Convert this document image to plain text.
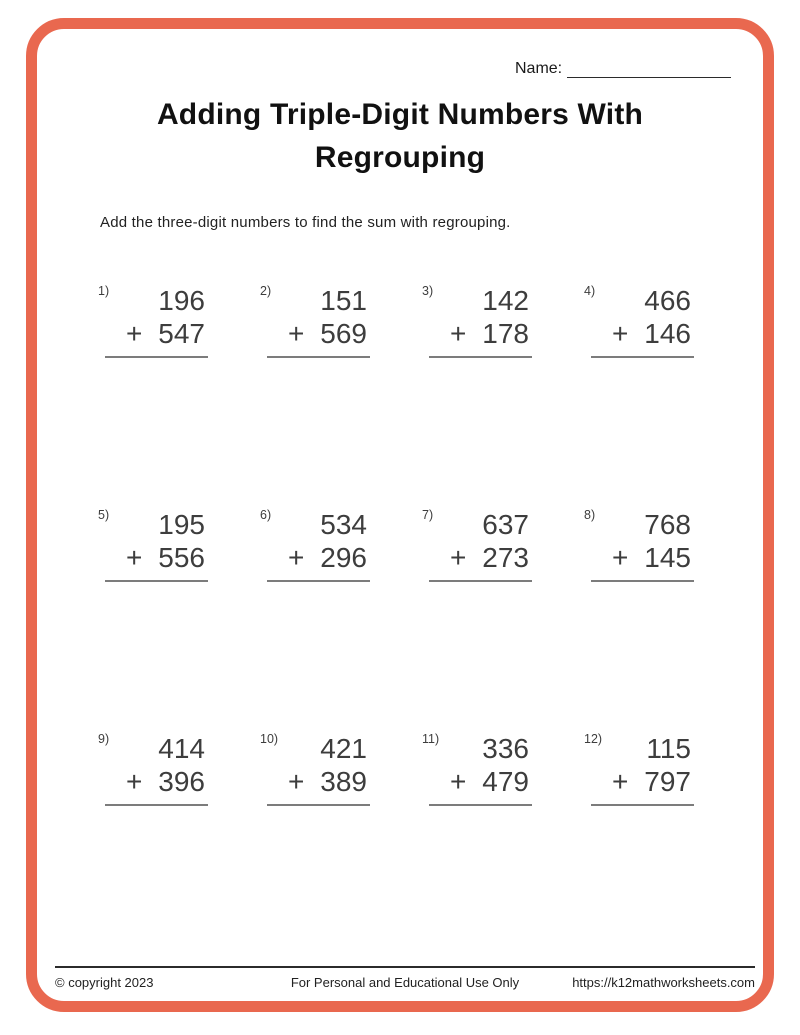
Name:
Adding Triple-Digit Numbers With Regrouping
Add the three-digit numbers to find the sum with regrouping.
1)	196
+ 547
2)	151
+ 569
3)	142
+ 178
4)	466
+ 146
5)	195
+ 556
6)	534
+ 296
7)	637
+ 273
8)	768
+ 145
9)	414
+ 396
10)	421
+ 389
11)	336
+ 479
12)	115
+ 797
© copyright 2023	For Personal and Educational Use Only	https://k12mathworksheets.com
